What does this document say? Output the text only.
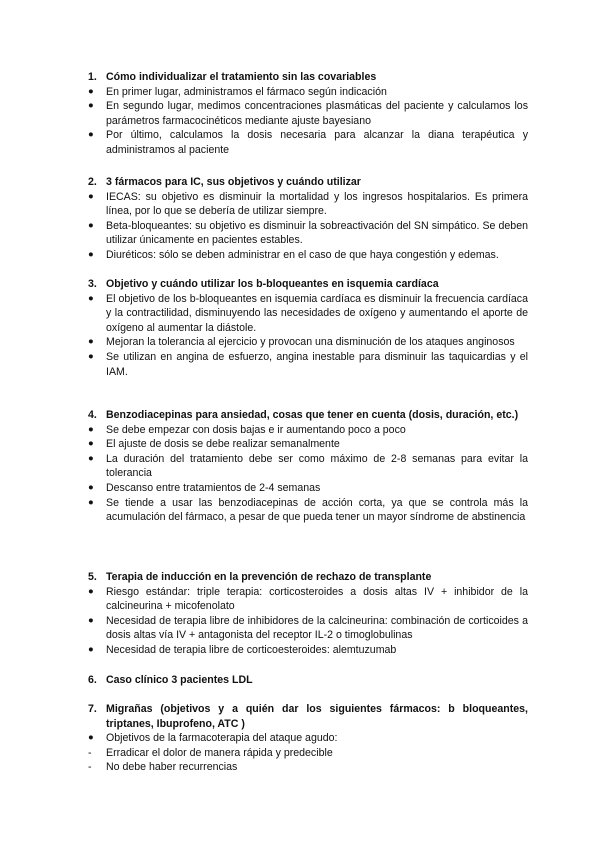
1. Cómo individualizar el tratamiento sin las covariables
● En primer lugar, administramos el fármaco según indicación
● En segundo lugar, medimos concentraciones plasmáticas del paciente y calculamos los parámetros farmacocinéticos mediante ajuste bayesiano
● Por último, calculamos la dosis necesaria para alcanzar la diana terapéutica y administramos al paciente
2. 3 fármacos para IC, sus objetivos y cuándo utilizar
● IECAS: su objetivo es disminuir la mortalidad y los ingresos hospitalarios. Es primera línea, por lo que se debería de utilizar siempre.
● Beta-bloqueantes: su objetivo es disminuir la sobreactivación del SN simpático. Se deben utilizar únicamente en pacientes estables.
● Diuréticos: sólo se deben administrar en el caso de que haya congestión y edemas.
3. Objetivo y cuándo utilizar los b-bloqueantes en isquemia cardíaca
● El objetivo de los b-bloqueantes en isquemia cardíaca es disminuir la frecuencia cardíaca y la contractilidad, disminuyendo las necesidades de oxígeno y aumentando el aporte de oxígeno al aumentar la diástole.
● Mejoran la tolerancia al ejercicio y provocan una disminución de los ataques anginosos
● Se utilizan en angina de esfuerzo, angina inestable para disminuir las taquicardias y el IAM.
4. Benzodiacepinas para ansiedad, cosas que tener en cuenta (dosis, duración, etc.)
● Se debe empezar con dosis bajas e ir aumentando poco a poco
● El ajuste de dosis se debe realizar semanalmente
● La duración del tratamiento debe ser como máximo de 2-8 semanas para evitar la tolerancia
● Descanso entre tratamientos de 2-4 semanas
● Se tiende a usar las benzodiacepinas de acción corta, ya que se controla más la acumulación del fármaco, a pesar de que pueda tener un mayor síndrome de abstinencia
5. Terapia de inducción en la prevención de rechazo de transplante
● Riesgo estándar: triple terapia: corticosteroides a dosis altas IV + inhibidor de la calcineurina + micofenolato
● Necesidad de terapia libre de inhibidores de la calcineurina: combinación de corticoides a dosis altas vía IV + antagonista del receptor IL-2 o timoglobulinas
● Necesidad de terapia libre de corticoesteroides: alemtuzumab
6. Caso clínico 3 pacientes LDL
7. Migrañas (objetivos y a quién dar los siguientes fármacos: b bloqueantes, triptanes, Ibuprofeno, ATC )
● Objetivos de la farmacoterapia del ataque agudo:
- Erradicar el dolor de manera rápida y predecible
- No debe haber recurrencias
